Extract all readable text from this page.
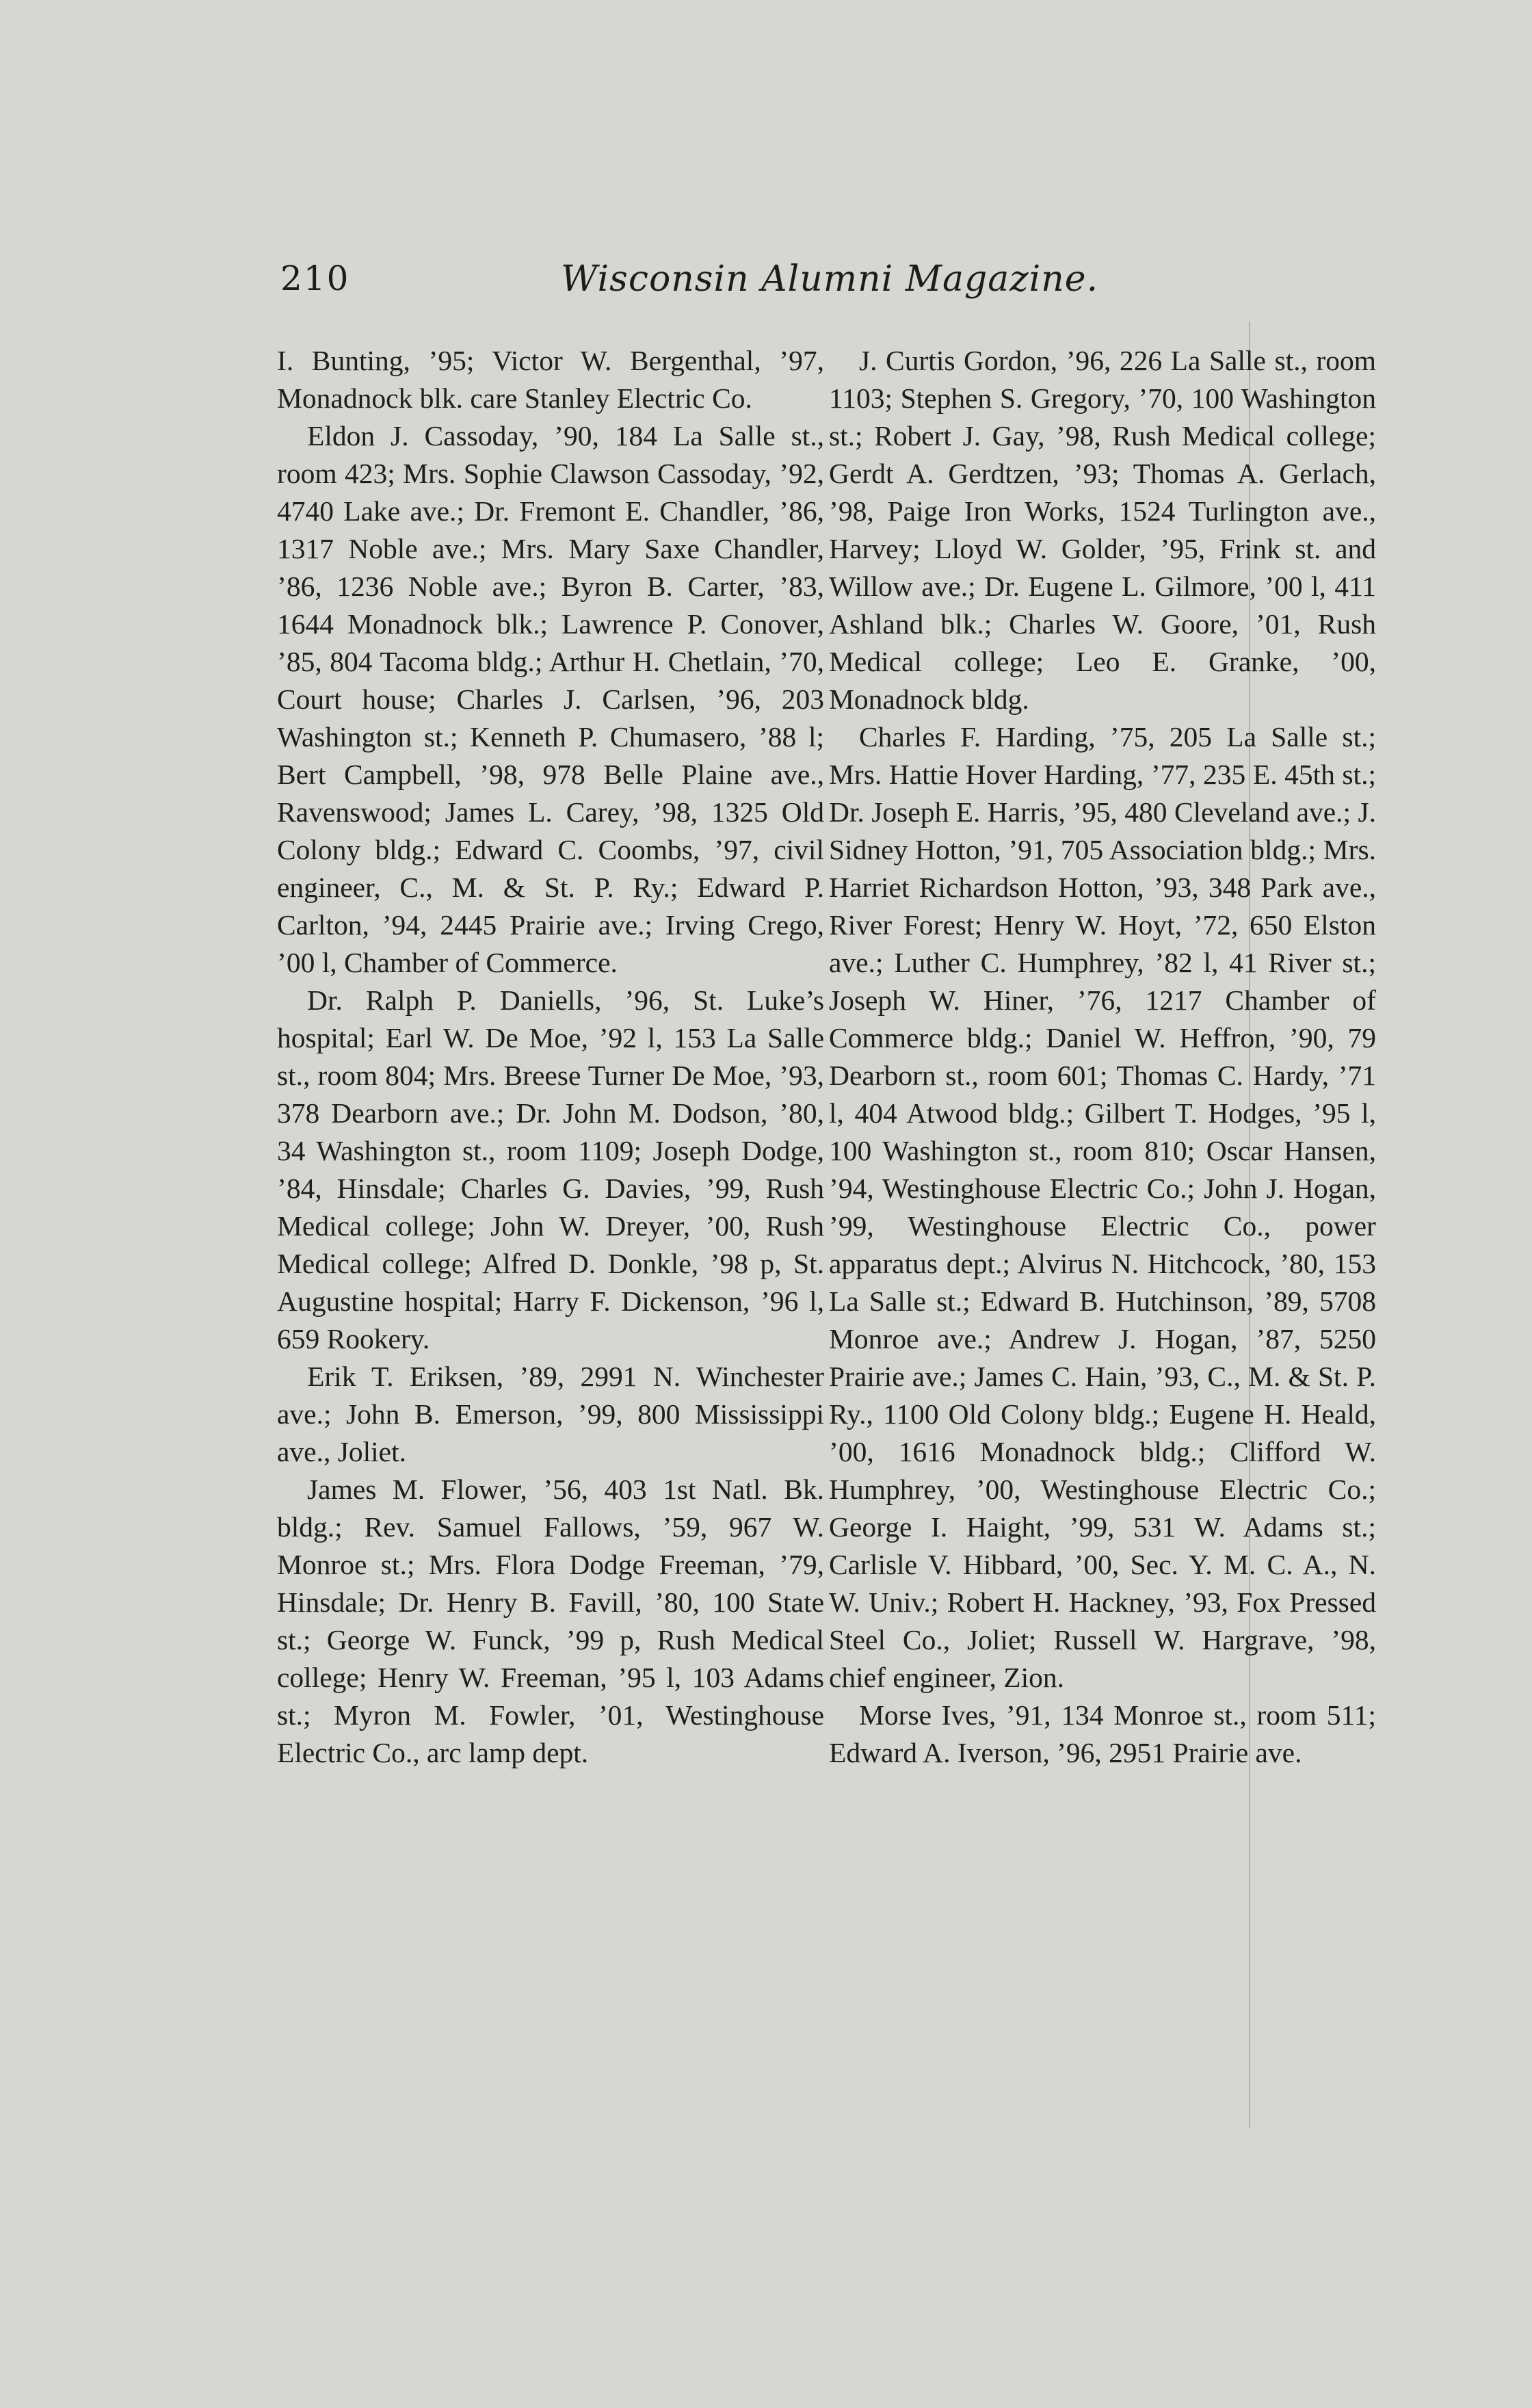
210	Wisconsin Alumni Magazine.

I. Bunting, ’95; Victor W. Bergenthal, ’97, Monadnock blk. care Stanley Electric Co.

Eldon J. Cassoday, ’90, 184 La Salle st., room 423; Mrs. Sophie Clawson Cassoday, ’92, 4740 Lake ave.; Dr. Fremont E. Chandler, ’86, 1317 Noble ave.; Mrs. Mary Saxe Chandler, ’86, 1236 Noble ave.; Byron B. Carter, ’83, 1644 Monadnock blk.; Lawrence P. Conover, ’85, 804 Tacoma bldg.; Arthur H. Chetlain, ’70, Court house; Charles J. Carlsen, ’96, 203 Washington st.; Kenneth P. Chumasero, ’88 l; Bert Campbell, ’98, 978 Belle Plaine ave., Ravenswood; James L. Carey, ’98, 1325 Old Colony bldg.; Edward C. Coombs, ’97, civil engineer, C., M. & St. P. Ry.; Edward P. Carlton, ’94, 2445 Prairie ave.; Irving Crego, ’00 l, Chamber of Commerce.

Dr. Ralph P. Daniells, ’96, St. Luke’s hospital; Earl W. De Moe, ’92 l, 153 La Salle st., room 804; Mrs. Breese Turner De Moe, ’93, 378 Dearborn ave.; Dr. John M. Dodson, ’80, 34 Washington st., room 1109; Joseph Dodge, ’84, Hinsdale; Charles G. Davies, ’99, Rush Medical college; John W. Dreyer, ’00, Rush Medical college; Alfred D. Donkle, ’98 p, St. Augustine hospital; Harry F. Dickenson, ’96 l, 659 Rookery.

Erik T. Eriksen, ’89, 2991 N. Winchester ave.; John B. Emerson, ’99, 800 Mississippi ave., Joliet.

James M. Flower, ’56, 403 1st Natl. Bk. bldg.; Rev. Samuel Fallows, ’59, 967 W. Monroe st.; Mrs. Flora Dodge Freeman, ’79, Hinsdale; Dr. Henry B. Favill, ’80, 100 State st.; George W. Funck, ’99 p, Rush Medical college; Henry W. Freeman, ’95 l, 103 Adams st.; Myron M. Fowler, ’01, Westinghouse Electric Co., arc lamp dept.

J. Curtis Gordon, ’96, 226 La Salle st., room 1103; Stephen S. Gregory, ’70, 100 Washington st.; Robert J. Gay, ’98, Rush Medical college; Gerdt A. Gerdtzen, ’93; Thomas A. Gerlach, ’98, Paige Iron Works, 1524 Turlington ave., Harvey; Lloyd W. Golder, ’95, Frink st. and Willow ave.; Dr. Eugene L. Gilmore, ’00 l, 411 Ashland blk.; Charles W. Goore, ’01, Rush Medical college; Leo E. Granke, ’00, Monadnock bldg.

Charles F. Harding, ’75, 205 La Salle st.; Mrs. Hattie Hover Harding, ’77, 235 E. 45th st.; Dr. Joseph E. Harris, ’95, 480 Cleveland ave.; J. Sidney Hotton, ’91, 705 Association bldg.; Mrs. Harriet Richardson Hotton, ’93, 348 Park ave., River Forest; Henry W. Hoyt, ’72, 650 Elston ave.; Luther C. Humphrey, ’82 l, 41 River st.; Joseph W. Hiner, ’76, 1217 Chamber of Commerce bldg.; Daniel W. Heffron, ’90, 79 Dearborn st., room 601; Thomas C. Hardy, ’71 l, 404 Atwood bldg.; Gilbert T. Hodges, ’95 l, 100 Washington st., room 810; Oscar Hansen, ’94, Westinghouse Electric Co.; John J. Hogan, ’99, Westinghouse Electric Co., power apparatus dept.; Alvirus N. Hitchcock, ’80, 153 La Salle st.; Edward B. Hutchinson, ’89, 5708 Monroe ave.; Andrew J. Hogan, ’87, 5250 Prairie ave.; James C. Hain, ’93, C., M. & St. P. Ry., 1100 Old Colony bldg.; Eugene H. Heald, ’00, 1616 Monadnock bldg.; Clifford W. Humphrey, ’00, Westinghouse Electric Co.; George I. Haight, ’99, 531 W. Adams st.; Carlisle V. Hibbard, ’00, Sec. Y. M. C. A., N. W. Univ.; Robert H. Hackney, ’93, Fox Pressed Steel Co., Joliet; Russell W. Hargrave, ’98, chief engineer, Zion.

Morse Ives, ’91, 134 Monroe st., room 511; Edward A. Iverson, ’96, 2951 Prairie ave.
